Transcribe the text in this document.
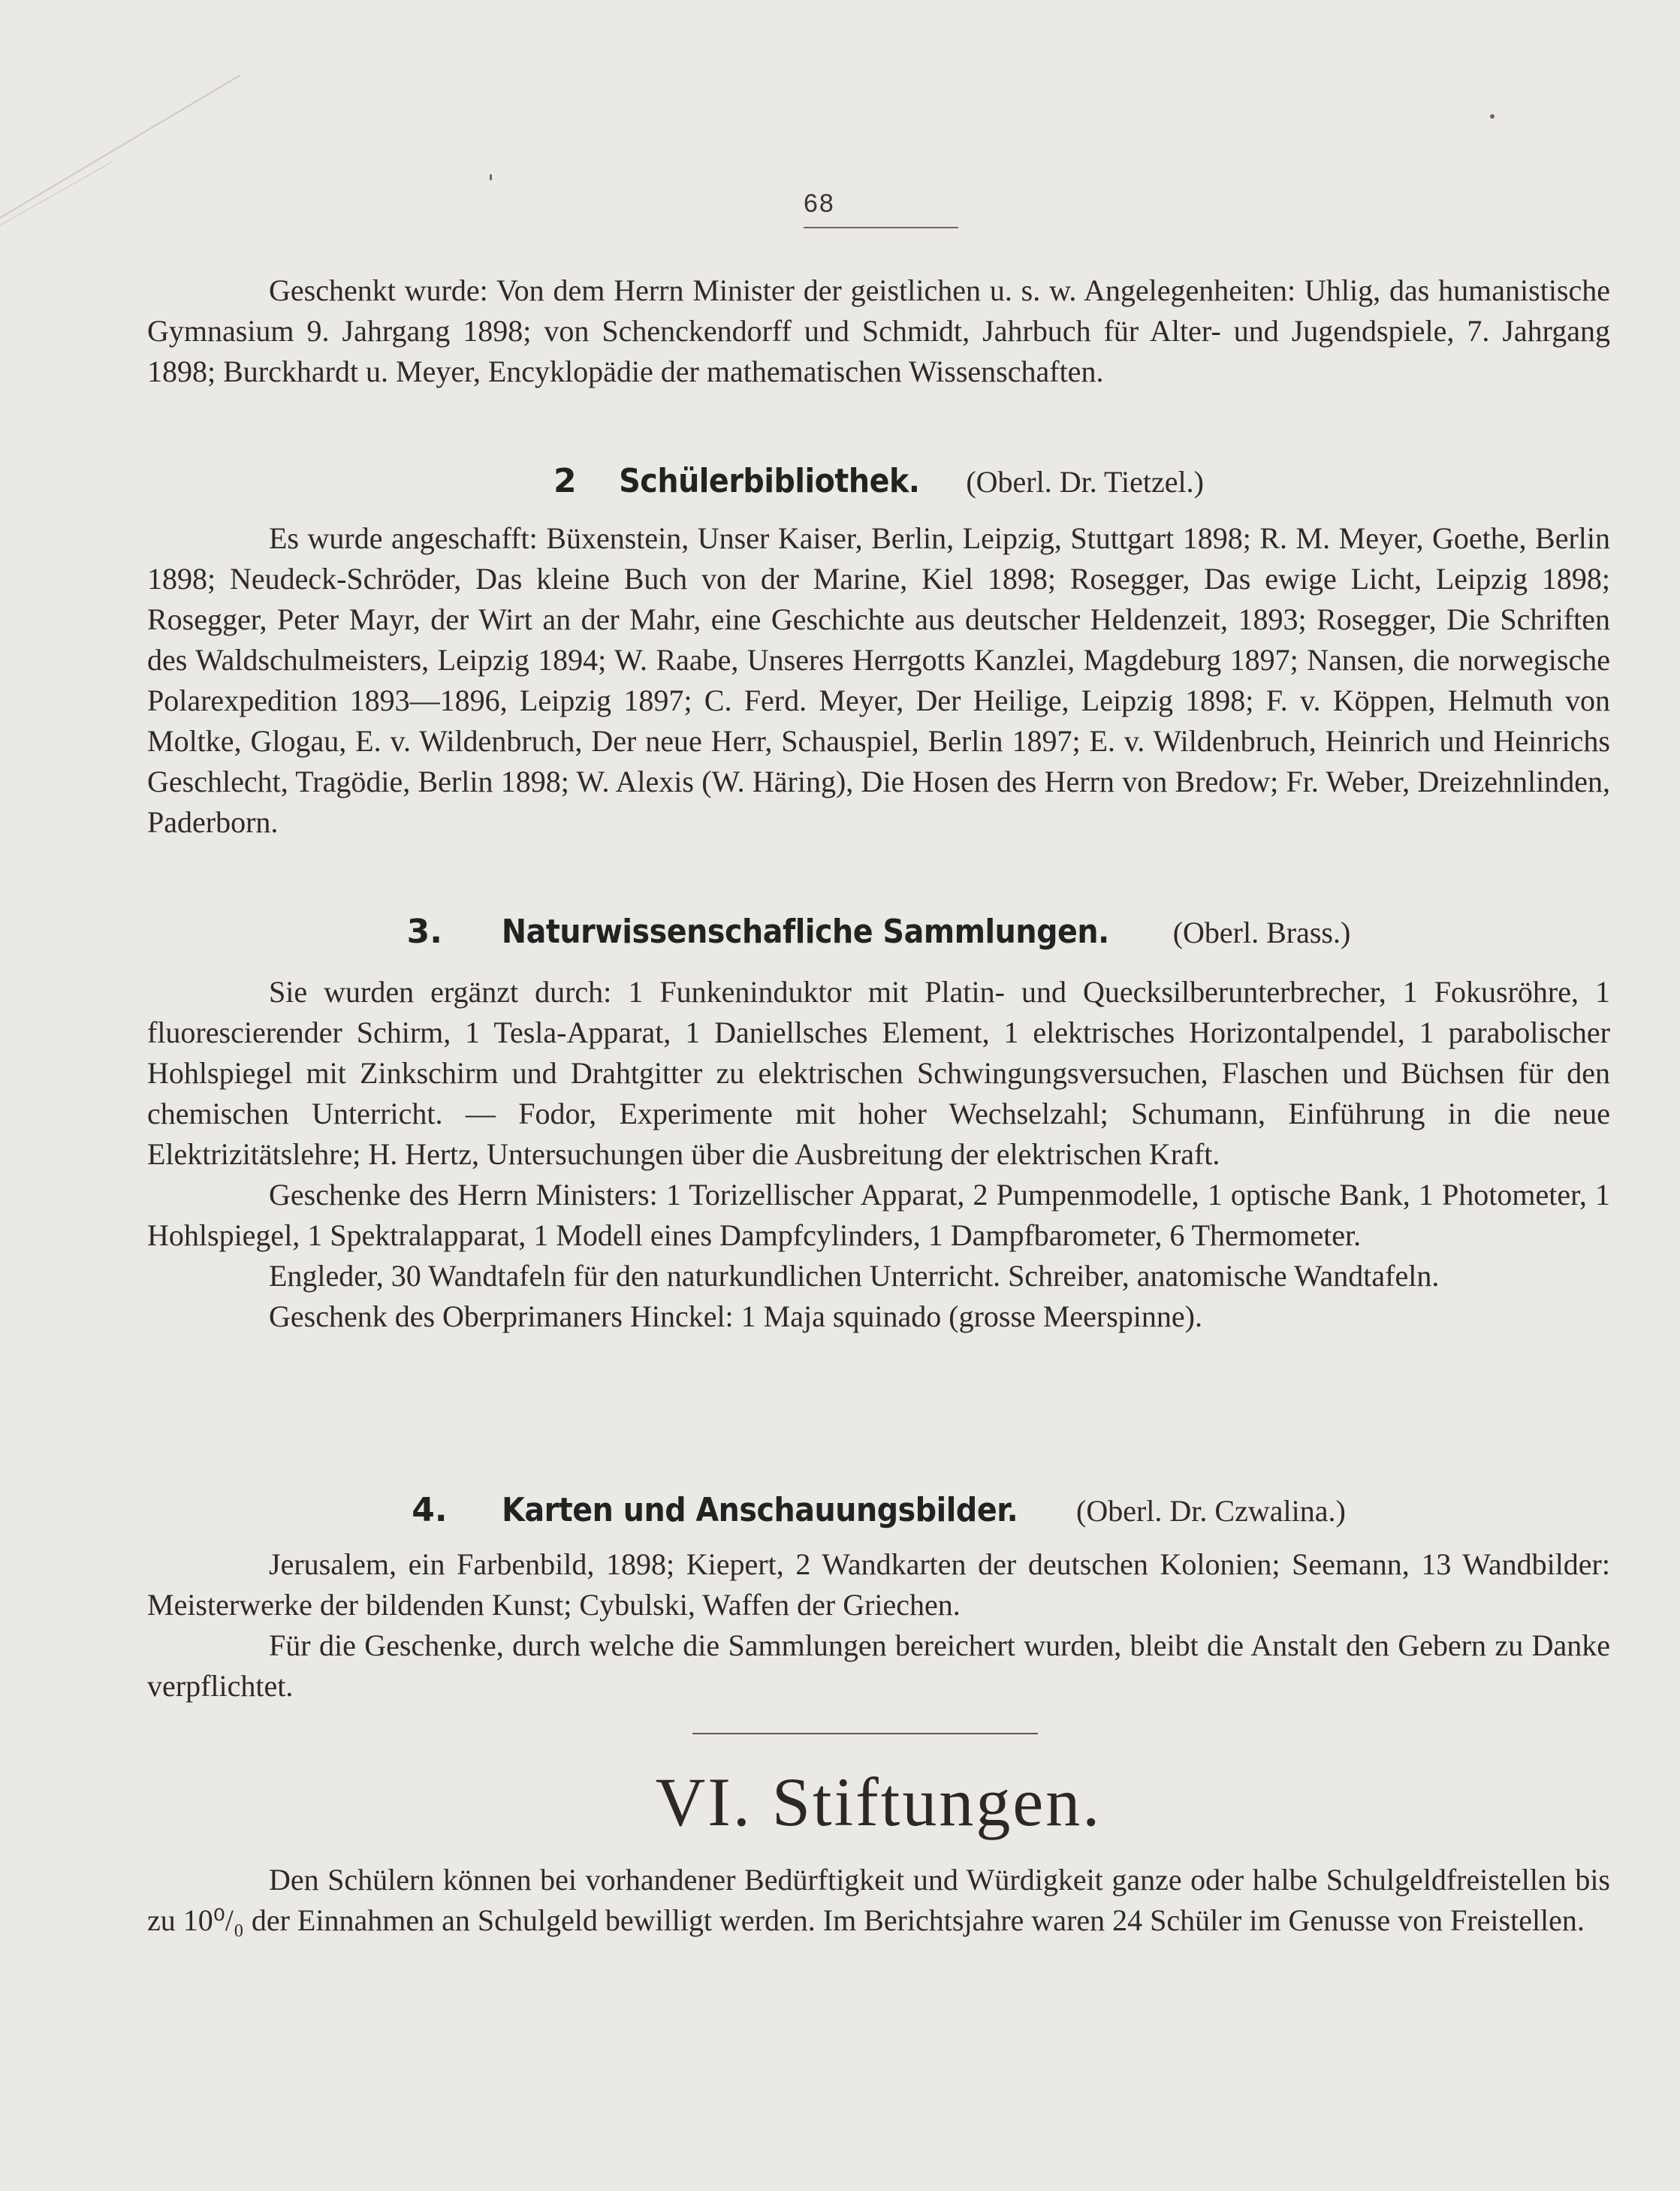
68

Geschenkt wurde: Von dem Herrn Minister der geistlichen u. s. w. Angelegenheiten: Uhlig, das humanistische Gymnasium 9. Jahrgang 1898; von Schenckendorff und Schmidt, Jahrbuch für Alter- und Jugendspiele, 7. Jahrgang 1898; Burckhardt u. Meyer, Encyklopädie der mathematischen Wissenschaften.

2 Schülerbibliothek. (Oberl. Dr. Tietzel.)

Es wurde angeschafft: Büxenstein, Unser Kaiser, Berlin, Leipzig, Stuttgart 1898; R. M. Meyer, Goethe, Berlin 1898; Neudeck-Schröder, Das kleine Buch von der Marine, Kiel 1898; Rosegger, Das ewige Licht, Leipzig 1898; Rosegger, Peter Mayr, der Wirt an der Mahr, eine Geschichte aus deutscher Heldenzeit, 1893; Rosegger, Die Schriften des Waldschulmeisters, Leipzig 1894; W. Raabe, Unseres Herrgotts Kanzlei, Magdeburg 1897; Nansen, die norwegische Polarexpedition 1893—1896, Leipzig 1897; C. Ferd. Meyer, Der Heilige, Leipzig 1898; F. v. Köppen, Helmuth von Moltke, Glogau, E. v. Wildenbruch, Der neue Herr, Schauspiel, Berlin 1897; E. v. Wildenbruch, Heinrich und Heinrichs Geschlecht, Tragödie, Berlin 1898; W. Alexis (W. Häring), Die Hosen des Herrn von Bredow; Fr. Weber, Dreizehnlinden, Paderborn.

3. Naturwissenschafliche Sammlungen. (Oberl. Brass.)

Sie wurden ergänzt durch: 1 Funkeninduktor mit Platin- und Quecksilberunterbrecher, 1 Fokusröhre, 1 fluorescierender Schirm, 1 Tesla-Apparat, 1 Daniellsches Element, 1 elektrisches Horizontalpendel, 1 parabolischer Hohlspiegel mit Zinkschirm und Drahtgitter zu elektrischen Schwingungsversuchen, Flaschen und Büchsen für den chemischen Unterricht. — Fodor, Experimente mit hoher Wechselzahl; Schumann, Einführung in die neue Elektrizitätslehre; H. Hertz, Untersuchungen über die Ausbreitung der elektrischen Kraft.

Geschenke des Herrn Ministers: 1 Torizellischer Apparat, 2 Pumpenmodelle, 1 optische Bank, 1 Photometer, 1 Hohlspiegel, 1 Spektralapparat, 1 Modell eines Dampfcylinders, 1 Dampfbarometer, 6 Thermometer.

Engleder, 30 Wandtafeln für den naturkundlichen Unterricht. Schreiber, anatomische Wandtafeln.

Geschenk des Oberprimaners Hinckel: 1 Maja squinado (grosse Meerspinne).

4. Karten und Anschauungsbilder. (Oberl. Dr. Czwalina.)

Jerusalem, ein Farbenbild, 1898; Kiepert, 2 Wandkarten der deutschen Kolonien; Seemann, 13 Wandbilder: Meisterwerke der bildenden Kunst; Cybulski, Waffen der Griechen.

Für die Geschenke, durch welche die Sammlungen bereichert wurden, bleibt die Anstalt den Gebern zu Danke verpflichtet.

VI. Stiftungen.

Den Schülern können bei vorhandener Bedürftigkeit und Würdigkeit ganze oder halbe Schulgeldfreistellen bis zu 10⁰/₀ der Einnahmen an Schulgeld bewilligt werden. Im Berichtsjahre waren 24 Schüler im Genusse von Freistellen.
